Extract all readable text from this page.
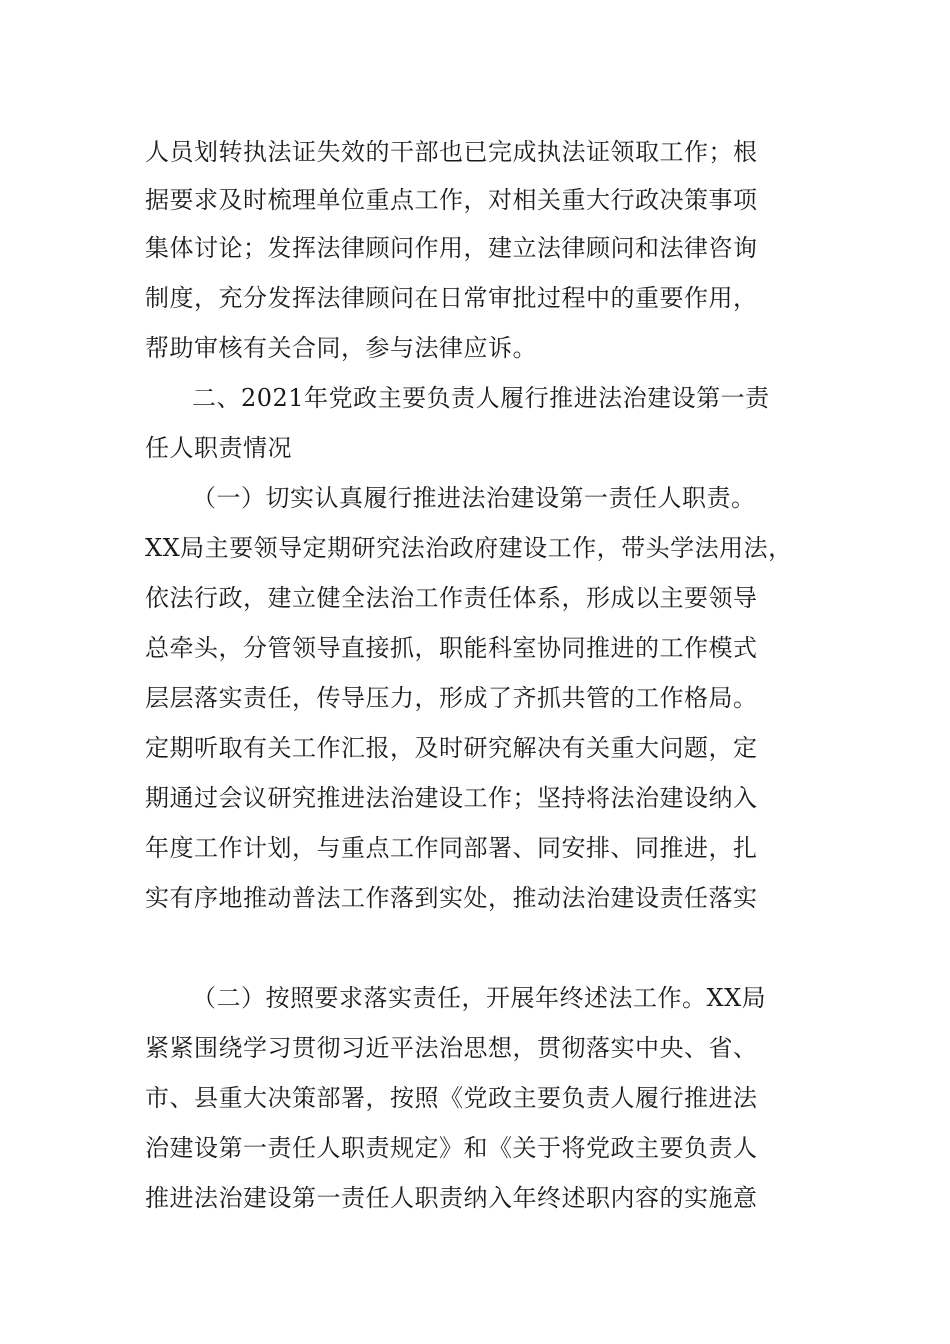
人员划转执法证失效的干部也已完成执法证领取工作；根
据要求及时梳理单位重点工作，对相关重大行政决策事项
集体讨论；发挥法律顾问作用，建立法律顾问和法律咨询
制度，充分发挥法律顾问在日常审批过程中的重要作用，
帮助审核有关合同，参与法律应诉。
二、2021年党政主要负责人履行推进法治建设第一责
任人职责情况
（一）切实认真履行推进法治建设第一责任人职责。
XX局主要领导定期研究法治政府建设工作，带头学法用法，
依法行政，建立健全法治工作责任体系，形成以主要领导
总牵头，分管领导直接抓，职能科室协同推进的工作模式
层层落实责任，传导压力，形成了齐抓共管的工作格局。
定期听取有关工作汇报，及时研究解决有关重大问题，定
期通过会议研究推进法治建设工作；坚持将法治建设纳入
年度工作计划，与重点工作同部署、同安排、同推进，扎
实有序地推动普法工作落到实处，推动法治建设责任落实
（二）按照要求落实责任，开展年终述法工作。XX局
紧紧围绕学习贯彻习近平法治思想，贯彻落实中央、省、
市、县重大决策部署，按照《党政主要负责人履行推进法
治建设第一责任人职责规定》和《关于将党政主要负责人
推进法治建设第一责任人职责纳入年终述职内容的实施意
